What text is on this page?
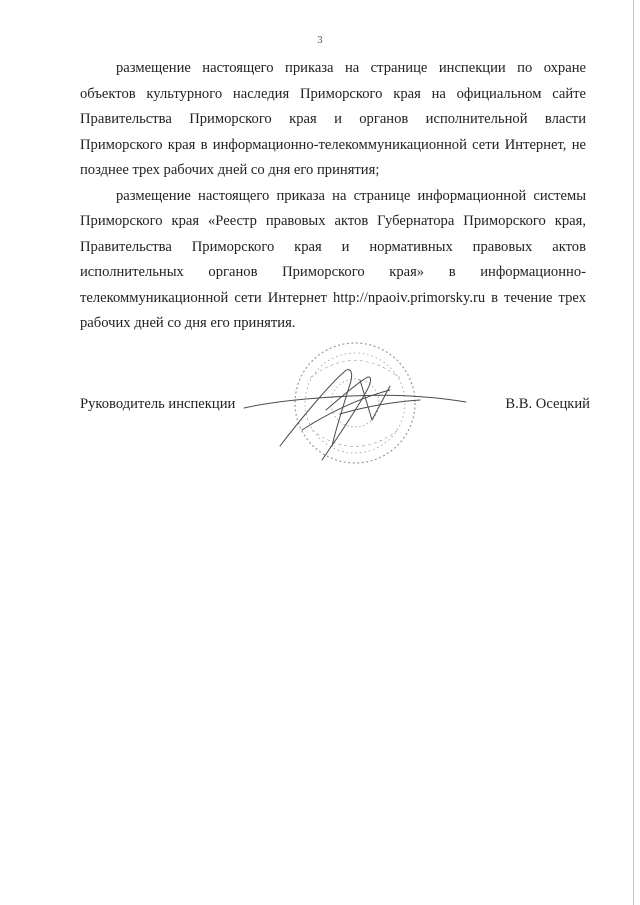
3

размещение настоящего приказа на странице инспекции по охране объектов культурного наследия Приморского края на официальном сайте Правительства Приморского края и органов исполнительной власти Приморского края в информационно-телекоммуникационной сети Интернет, не позднее трех рабочих дней со дня его принятия;

размещение настоящего приказа на странице информационной системы Приморского края «Реестр правовых актов Губернатора Приморского края, Правительства Приморского края и нормативных правовых актов исполнительных органов Приморского края» в информационно-телекоммуникационной сети Интернет http://npaoiv.primorsky.ru в течение трех рабочих дней со дня его принятия.

Руководитель инспекции	В.В. Осецкий
